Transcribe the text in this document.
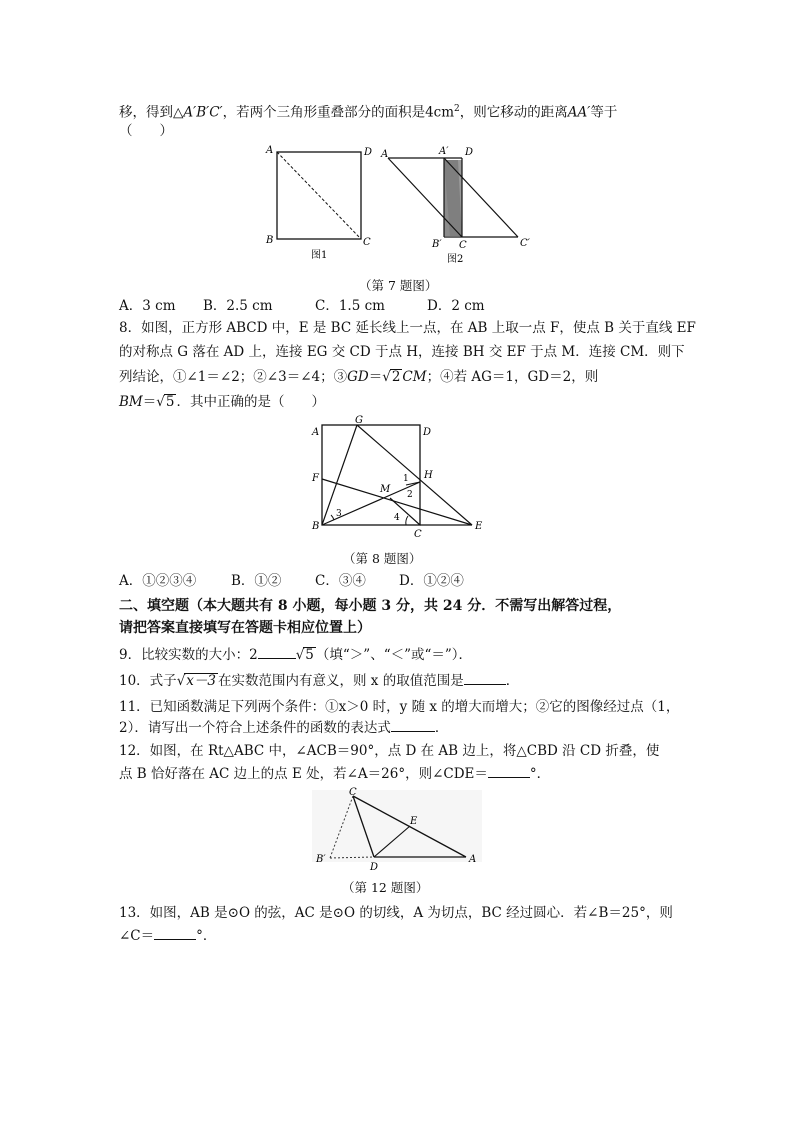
移，得到△A′B′C′，若两个三角形重叠部分的面积是$4cm^2$，则它移动的距离AA′等于
（　　）
A	D
B	C
图1
A	A′ D
B′ C	C′
图2
（第 7 题图）
A．3 cm B．2.5 cm	C．1.5 cm	D．2 cm
8．如图，正方形 ABCD 中，E 是 BC 延长线上一点，在 AB 上取一点 F，使点 B 关于直线 EF
的对称点 G 落在 AD 上，连接 EG 交 CD 于点 H，连接 BH 交 EF 于点 M．连接 CM．则下
列结论，①∠1＝∠2；②∠3＝∠4；③GD＝√2 CM；④若 AG＝1，GD＝2，则
BM＝√5 ．其中正确的是（　　）
A
G
D
F	H
M
B
C
E
1
2
3	4
（第 8 题图）
A．①②③④	B．①② C．③④ D．①②④
二、填空题（本大题共有 8 小题，每小题 3 分，共 24 分．不需写出解答过程，
请把答案直接填写在答题卡相应位置上）
9．比较实数的大小：2	√5 （填“＞”、“＜”或“＝”）．
10．式子√x－3 在实数范围内有意义，则 x 的取值范围是	．
11．已知函数满足下列两个条件：①x＞0 时，y 随 x 的增大而增大；②它的图像经过点（1，
2）．请写出一个符合上述条件的函数的表达式	．
12．如图，在 Rt△ABC 中，∠ACB＝90°，点 D 在 AB 边上，将△CBD 沿 CD 折叠，使
点 B 恰好落在 AC 边上的点 E 处，若∠A＝26°，则∠CDE＝	°．
C
E
B′
D
A
（第 12 题图）
13．如图，AB 是⊙O 的弦，AC 是⊙O 的切线，A 为切点，BC 经过圆心．若∠B＝25°，则
∠C＝	°．
